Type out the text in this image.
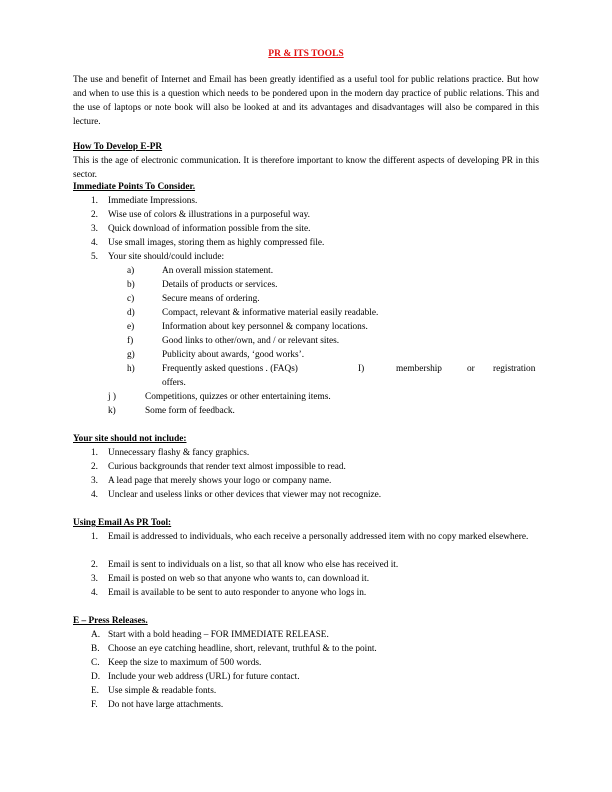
PR & ITS TOOLS

The use and benefit of Internet and Email has been greatly identified as a useful tool for public relations practice. But how and when to use this is a question which needs to be pondered upon in the modern day practice of public relations. This and the use of laptops or note book will also be looked at and its advantages and disadvantages will also be compared in this lecture.

How To Develop E-PR

This is the age of electronic communication. It is therefore important to know the different aspects of developing PR in this sector.

Immediate Points To Consider.
1. Immediate Impressions.
2. Wise use of colors & illustrations in a purposeful way.
3. Quick download of information possible from the site.
4. Use small images, storing them as highly compressed file.
5. Your site should/could include:
a)	An overall mission statement.
b)	Details of products or services.
c)	Secure means of ordering.
d)	Compact, relevant & informative material easily readable.
e)	Information about key personnel & company locations.
f)	Good links to other/own, and / or relevant sites.
g)	Publicity about awards, ‘good works’.
h)	Frequently asked questions . (FAQs)	I)	membership	or registration
offers.
j )	Competitions, quizzes or other entertaining items.
k)	Some form of feedback.
Your site should not include:
1. Unnecessary flashy & fancy graphics.
2. Curious backgrounds that render text almost impossible to read.
3. A lead page that merely shows your logo or company name.
4. Unclear and useless links or other devices that viewer may not recognize.
Using Email As PR Tool:
1. Email is addressed to individuals, who each receive a personally addressed item with no copy marked elsewhere.
2. Email is sent to individuals on a list, so that all know who else has received it.
3. Email is posted on web so that anyone who wants to, can download it.
4. Email is available to be sent to auto responder to anyone who logs in.
E – Press Releases.
A. Start with a bold heading – FOR IMMEDIATE RELEASE.
B. Choose an eye catching headline, short, relevant, truthful & to the point.
C. Keep the size to maximum of 500 words.
D. Include your web address (URL) for future contact.
E. Use simple & readable fonts.
F. Do not have large attachments.
